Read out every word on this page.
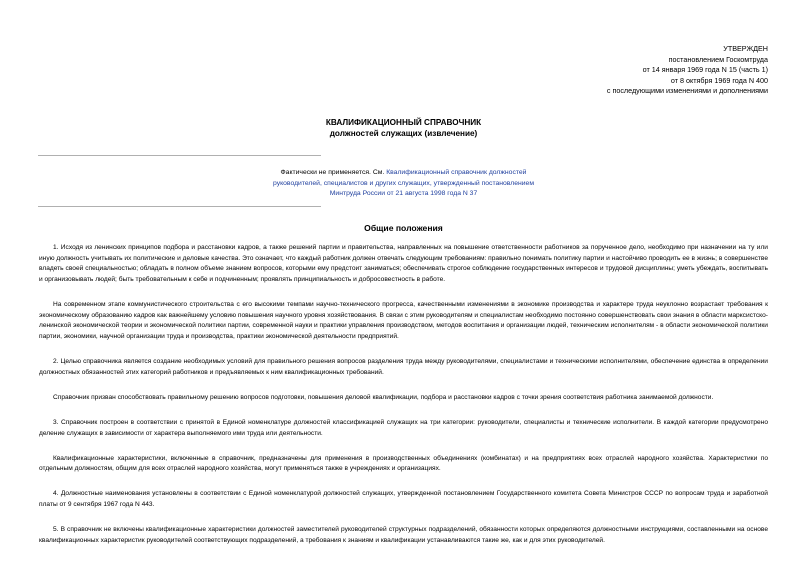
УТВЕРЖДЕН
постановлением Госкомтруда
от 14 января 1969 года N 15 (часть 1)
от 8 октября 1969 года N 400
с последующими изменениями и дополнениями
КВАЛИФИКАЦИОННЫЙ СПРАВОЧНИК
должностей служащих (извлечение)
Фактически не применяется. См. Квалификационный справочник должностей
руководителей, специалистов и других служащих, утвержденный постановлением
Минтруда России от 21 августа 1998 года N 37
Общие положения

1. Исходя из ленинских принципов подбора и расстановки кадров, а также решений партии и правительства, направленных на повышение ответственности работников за порученное дело, необходимо при назначении на ту или иную должность учитывать их политические и деловые качества. Это означает, что каждый работник должен отвечать следующим требованиям: правильно понимать политику партии и настойчиво проводить ее в жизнь; в совершенстве владеть своей специальностью; обладать в полном объеме знанием вопросов, которыми ему предстоит заниматься; обеспечивать строгое соблюдение государственных интересов и трудовой дисциплины; уметь убеждать, воспитывать и организовывать людей; быть требовательным к себе и подчиненным; проявлять принципиальность и добросовестность в работе.

На современном этапе коммунистического строительства с его высокими темпами научно-технического прогресса, качественными изменениями в экономике производства и характере труда неуклонно возрастает требования к экономическому образованию кадров как важнейшему условию повышения научного уровня хозяйствования. В связи с этим руководителям и специалистам необходимо постоянно совершенствовать свои знания в области марксистско-ленинской экономической теории и экономической политики партии, современной науки и практики управления производством, методов воспитания и организации людей, техническим исполнителям - в области экономической политики партии, экономики, научной организации труда и производства, практики экономической деятельности предприятий.

2. Целью справочника является создание необходимых условий для правильного решения вопросов разделения труда между руководителями, специалистами и техническими исполнителями, обеспечение единства в определении должностных обязанностей этих категорий работников и предъявляемых к ним квалификационных требований.

Справочник призван способствовать правильному решению вопросов подготовки, повышения деловой квалификации, подбора и расстановки кадров с точки зрения соответствия работника занимаемой должности.

3. Справочник построен в соответствии с принятой в Единой номенклатуре должностей классификацией служащих на три категории: руководители, специалисты и технические исполнители. В каждой категории предусмотрено деление служащих в зависимости от характера выполняемого ими труда или деятельности.

Квалификационные характеристики, включенные в справочник, предназначены для применения в производственных объединениях (комбинатах) и на предприятиях всех отраслей народного хозяйства. Характеристики по отдельным должностям, общим для всех отраслей народного хозяйства, могут применяться также в учреждениях и организациях.

4. Должностные наименования установлены в соответствии с Единой номенклатурой должностей служащих, утвержденной постановлением Государственного комитета Совета Министров СССР по вопросам труда и заработной платы от 9 сентября 1967 года N 443.

5. В справочник не включены квалификационные характеристики должностей заместителей руководителей структурных подразделений, обязанности которых определяются должностными инструкциями, составленными на основе квалификационных характеристик руководителей соответствующих подразделений, а требования к знаниям и квалификации устанавливаются такие же, как и для этих руководителей.
